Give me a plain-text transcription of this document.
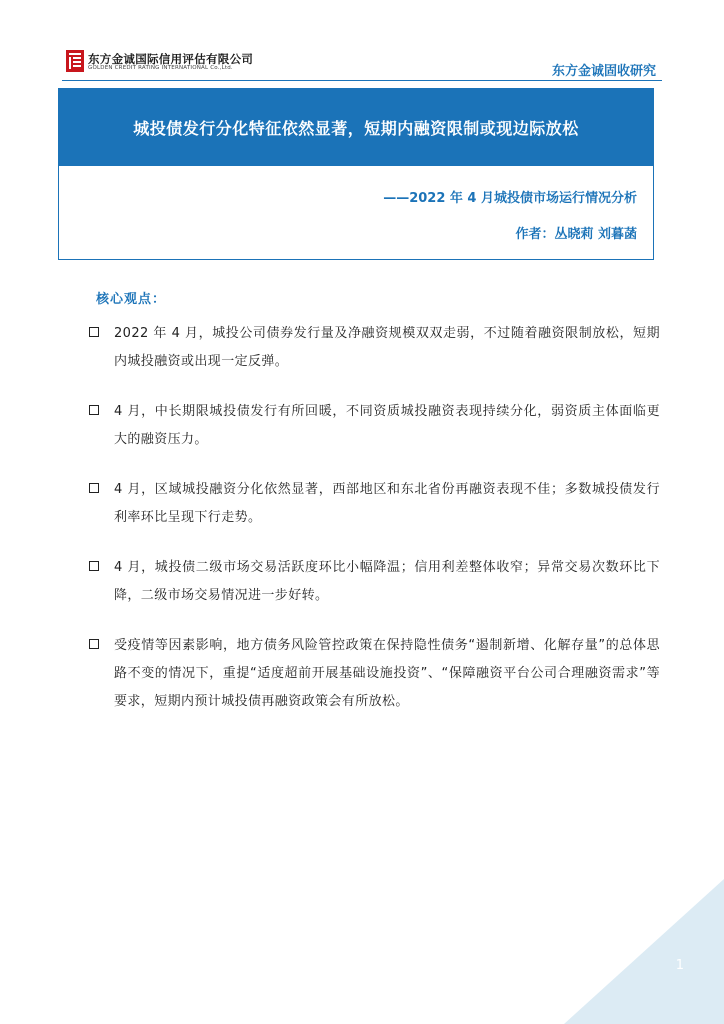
东方金诚国际信用评估有限公司
GOLDEN CREDIT RATING INTERNATIONAL Co.,Ltd.	东方金诚固收研究
城投债发行分化特征依然显著，短期内融资限制或现边际放松
——2022 年 4 月城投债市场运行情况分析
作者：丛晓莉 刘暮菡
核心观点：
2022 年 4 月，城投公司债券发行量及净融资规模双双走弱，不过随着融资限制放松，短期内城投融资或出现一定反弹。
4 月，中长期限城投债发行有所回暖，不同资质城投融资表现持续分化，弱资质主体面临更大的融资压力。
4 月，区域城投融资分化依然显著，西部地区和东北省份再融资表现不佳；多数城投债发行利率环比呈现下行走势。
4 月，城投债二级市场交易活跃度环比小幅降温；信用利差整体收窄；异常交易次数环比下降，二级市场交易情况进一步好转。
受疫情等因素影响，地方债务风险管控政策在保持隐性债务“遏制新增、化解存量”的总体思路不变的情况下，重提“适度超前开展基础设施投资”、“保障融资平台公司合理融资需求”等要求，短期内预计城投债再融资政策会有所放松。
1
